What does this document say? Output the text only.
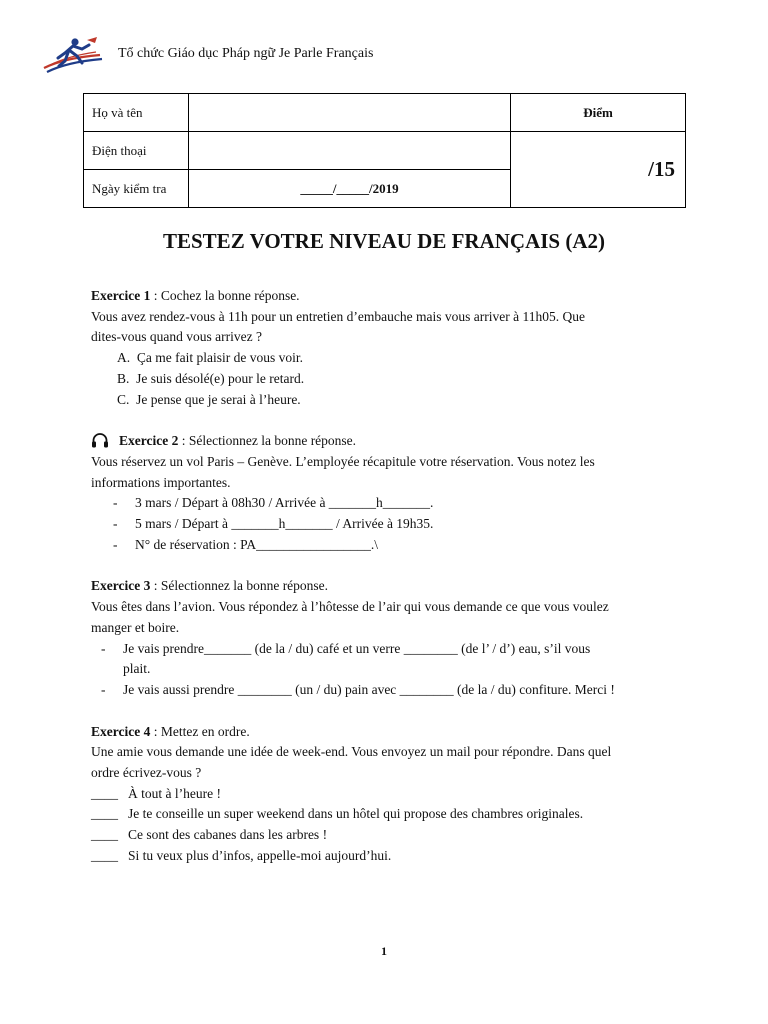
Tổ chức Giáo dục Pháp ngữ Je Parle Français
Họ và tên		Điểm
Điện thoại		/15
Ngày kiểm tra	_____/_____/2019	
TESTEZ VOTRE NIVEAU DE FRANÇAIS (A2)
Exercice 1 : Cochez la bonne réponse.
Vous avez rendez-vous à 11h pour un entretien d’embauche mais vous arriver à 11h05. Que
dites-vous quand vous arrivez ?
A. Ça me fait plaisir de vous voir.
B. Je suis désolé(e) pour le retard.
C. Je pense que je serai à l’heure.
Exercice 2 : Sélectionnez la bonne réponse.
Vous réservez un vol Paris – Genève. L’employée récapitule votre réservation. Vous notez les
informations importantes.
-	3 mars / Départ à 08h30 / Arrivée à _______h_______.
-	5 mars / Départ à _______h_______ / Arrivée à 19h35.
-	N° de réservation : PA_________________.\
Exercice 3 : Sélectionnez la bonne réponse.
Vous êtes dans l’avion. Vous répondez à l’hôtesse de l’air qui vous demande ce que vous voulez
manger et boire.
-	Je vais prendre_______ (de la / du) café et un verre ________ (de l’ / d’) eau, s’il vous
plait.
-	Je vais aussi prendre ________ (un / du) pain avec ________ (de la / du) confiture. Merci !
Exercice 4 : Mettez en ordre.
Une amie vous demande une idée de week-end. Vous envoyez un mail pour répondre. Dans quel
ordre écrivez-vous ?
____ À tout à l’heure !
____ Je te conseille un super weekend dans un hôtel qui propose des chambres originales.
____ Ce sont des cabanes dans les arbres !
____ Si tu veux plus d’infos, appelle-moi aujourd’hui.
1
